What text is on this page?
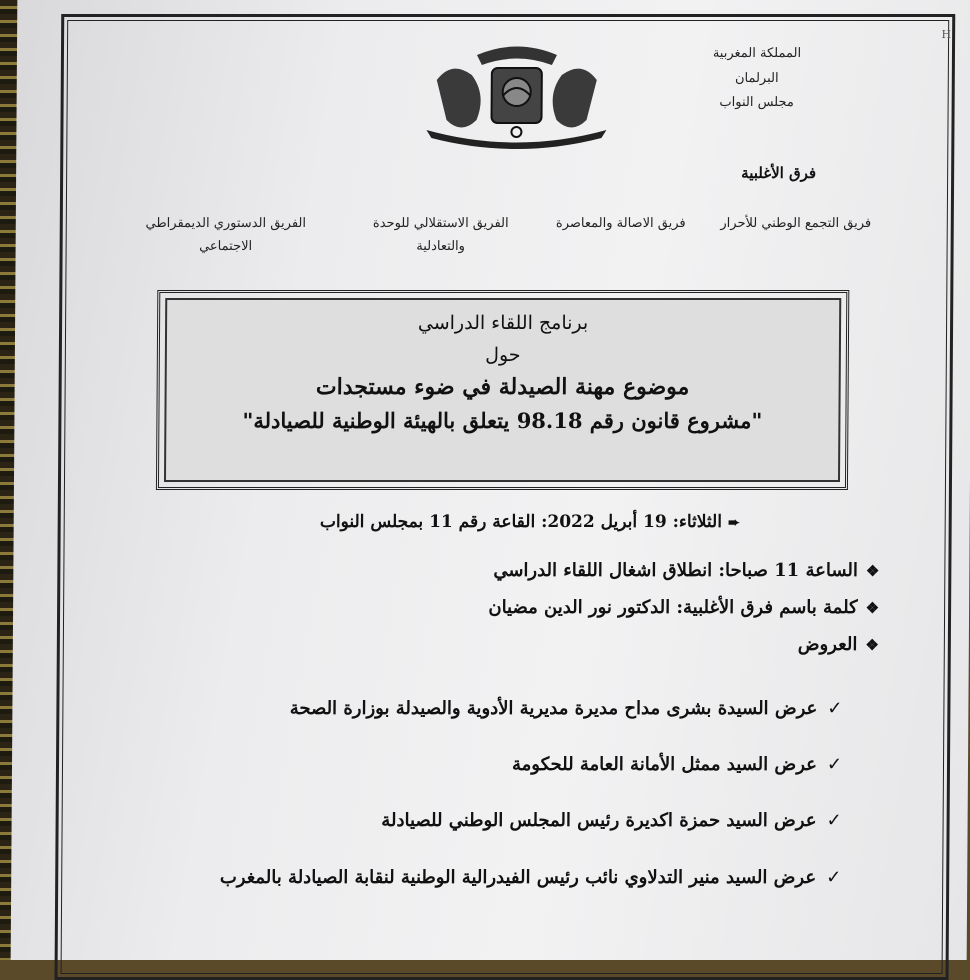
H
المملكة المغربية
البرلمان
مجلس النواب
فرق الأغلبية
فريق التجمع الوطني للأحرار
فريق الاصالة والمعاصرة
الفريق الاستقلالي للوحدة والتعادلية
الفريق الدستوري الديمقراطي الاجتماعي
برنامج اللقاء الدراسي
حول
موضوع مهنة الصيدلة في ضوء مستجدات
"مشروع قانون رقم 98.18 يتعلق بالهيئة الوطنية للصيادلة"
➨الثلاثاء: 19 أبريل 2022: القاعة رقم 11 بمجلس النواب
❖الساعة 11 صباحا: انطلاق اشغال اللقاء الدراسي
❖كلمة باسم فرق الأغلبية: الدكتور نور الدين مضيان
❖العروض
✓عرض السيدة بشرى مداح مديرة مديرية الأدوية والصيدلة بوزارة الصحة
✓عرض السيد ممثل الأمانة العامة للحكومة
✓عرض السيد حمزة اكديرة رئيس المجلس الوطني للصيادلة
✓عرض السيد منير التدلاوي نائب رئيس الفيدرالية الوطنية لنقابة الصيادلة بالمغرب
